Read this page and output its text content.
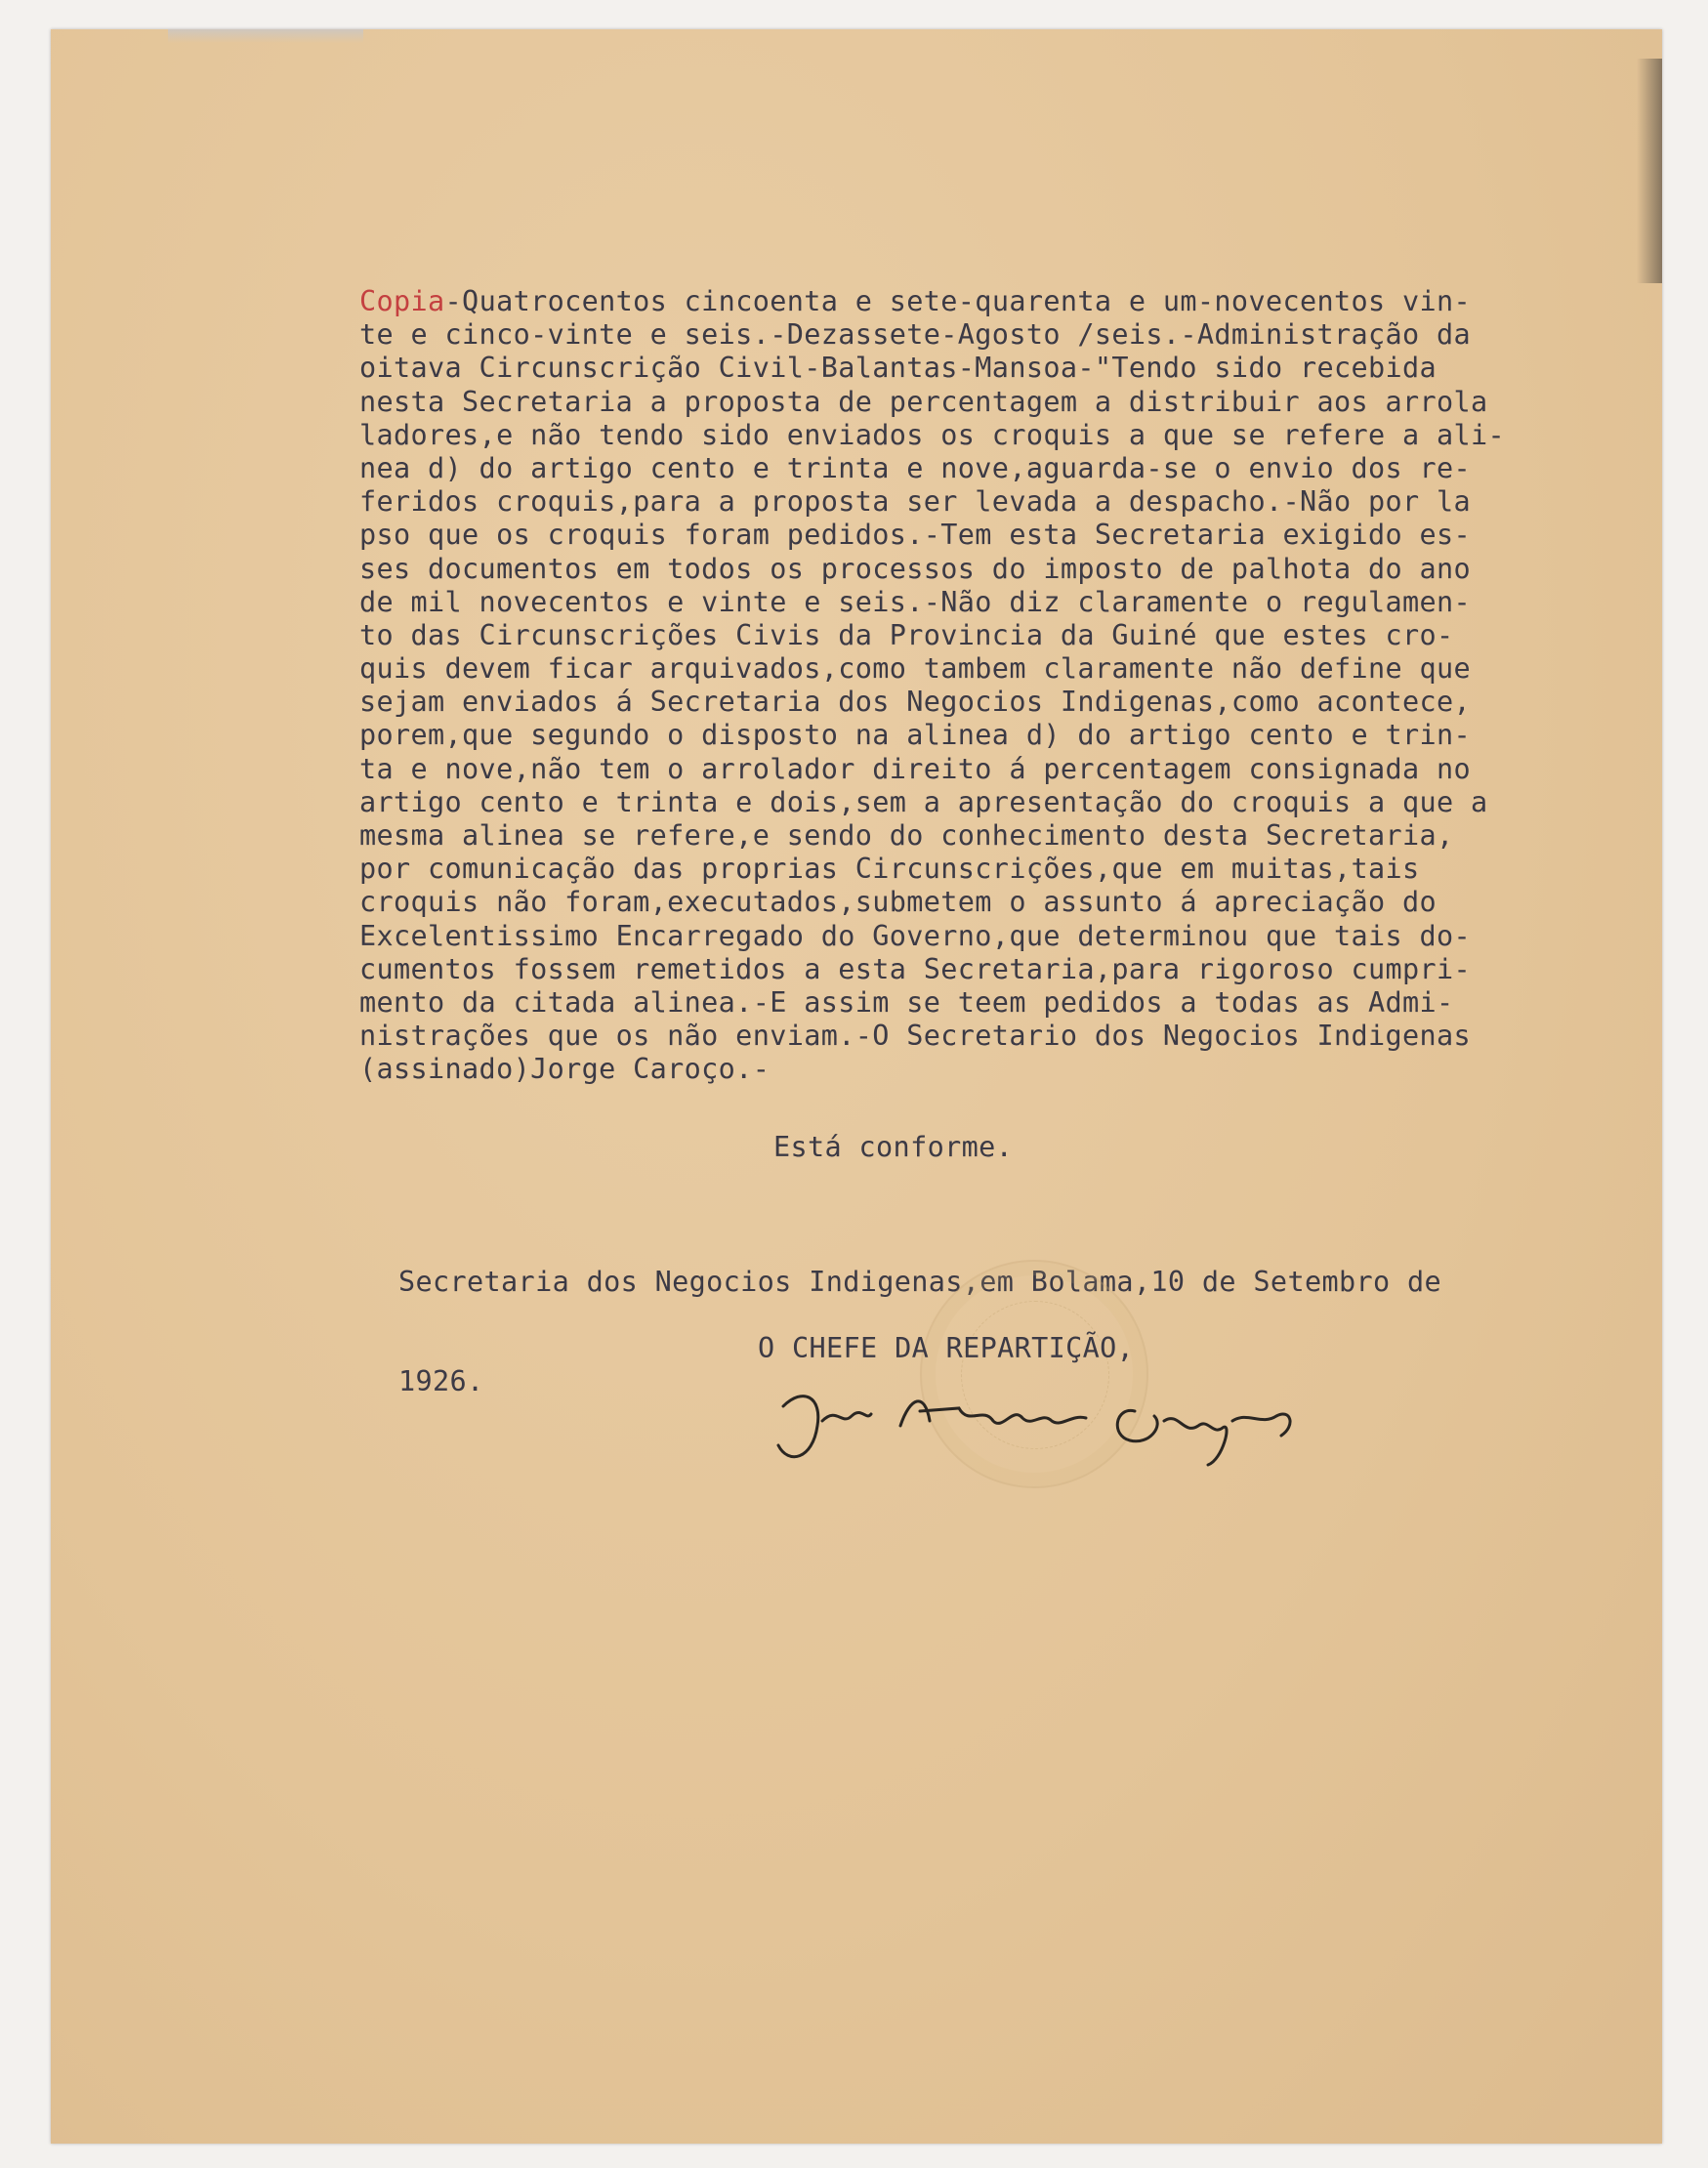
Copia-Quatrocentos cincoenta e sete-quarenta e um-novecentos vin-
te e cinco-vinte e seis.-Dezassete-Agosto /seis.-Administração da
oitava Circunscrição Civil-Balantas-Mansoa-"Tendo sido recebida
nesta Secretaria a proposta de percentagem a distribuir aos arrola
ladores,e não tendo sido enviados os croquis a que se refere a ali-
nea d) do artigo cento e trinta e nove,aguarda-se o envio dos re-
feridos croquis,para a proposta ser levada a despacho.-Não por la
pso que os croquis foram pedidos.-Tem esta Secretaria exigido es-
ses documentos em todos os processos do imposto de palhota do ano
de mil novecentos e vinte e seis.-Não diz claramente o regulamen-
to das Circunscrições Civis da Provincia da Guiné que estes cro-
quis devem ficar arquivados,como tambem claramente não define que
sejam enviados á Secretaria dos Negocios Indigenas,como acontece,
porem,que segundo o disposto na alinea d) do artigo cento e trin-
ta e nove,não tem o arrolador direito á percentagem consignada no
artigo cento e trinta e dois,sem a apresentação do croquis a que a
mesma alinea se refere,e sendo do conhecimento desta Secretaria,
por comunicação das proprias Circunscrições,que em muitas,tais
croquis não foram,executados,submetem o assunto á apreciação do
Excelentissimo Encarregado do Governo,que determinou que tais do-
cumentos fossem remetidos a esta Secretaria,para rigoroso cumpri-
mento da citada alinea.-E assim se teem pedidos a todas as Admi-
nistrações que os não enviam.-O Secretario dos Negocios Indigenas
(assinado)Jorge Caroço.-
Está conforme.

Secretaria dos Negocios Indigenas,em Bolama,10 de Setembro de

1926.

O CHEFE DA REPARTIÇÃO,
